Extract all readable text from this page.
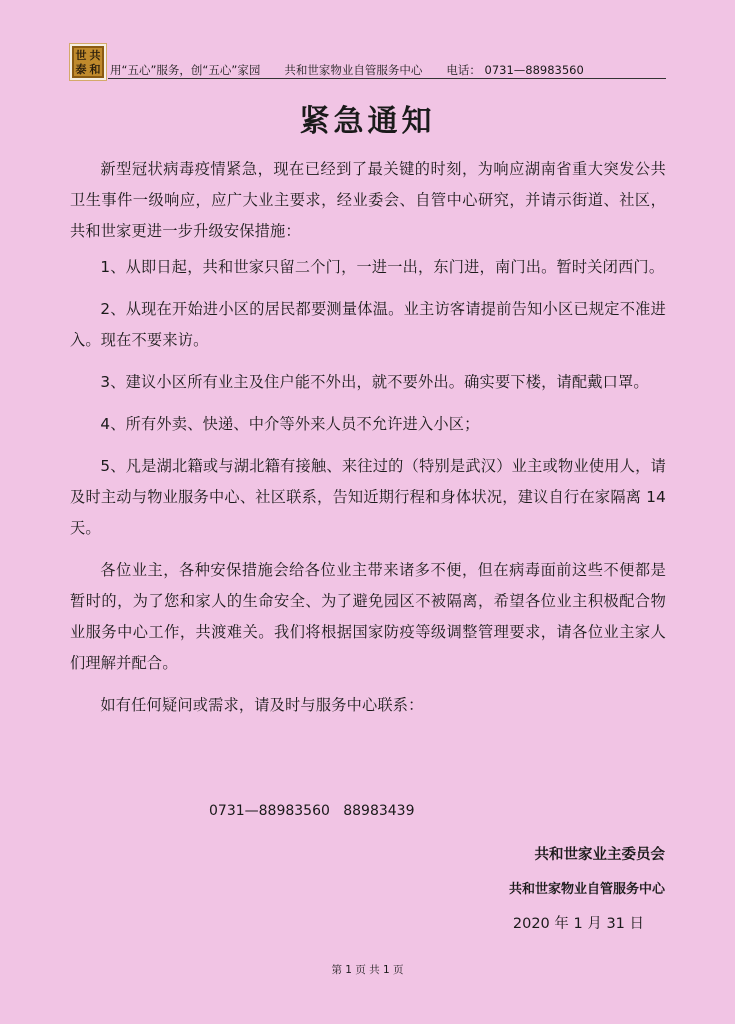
世 共
泰 和 用“五心”服务，创“五心”家园 共和世家物业自管服务中心 电话： 0731—88983560
紧急通知

新型冠状病毒疫情紧急，现在已经到了最关键的时刻，为响应湖南省重大突发公共卫生事件一级响应，应广大业主要求，经业委会、自管中心研究，并请示街道、社区，共和世家更进一步升级安保措施：

1、从即日起，共和世家只留二个门，一进一出，东门进，南门出。暂时关闭西门。

2、从现在开始进小区的居民都要测量体温。业主访客请提前告知小区已规定不准进入。现在不要来访。

3、建议小区所有业主及住户能不外出，就不要外出。确实要下楼，请配戴口罩。

4、所有外卖、快递、中介等外来人员不允许进入小区；

5、凡是湖北籍或与湖北籍有接触、来往过的（特别是武汉）业主或物业使用人，请及时主动与物业服务中心、社区联系，告知近期行程和身体状况，建议自行在家隔离 14 天。

各位业主，各种安保措施会给各位业主带来诸多不便，但在病毒面前这些不便都是暂时的，为了您和家人的生命安全、为了避免园区不被隔离，希望各位业主积极配合物业服务中心工作，共渡难关。我们将根据国家防疫等级调整管理要求，请各位业主家人们理解并配合。

如有任何疑问或需求，请及时与服务中心联系：

0731—88983560   88983439
共和世家业主委员会
共和世家物业自管服务中心
2020 年 1 月 31 日
第 1 页 共 1 页
